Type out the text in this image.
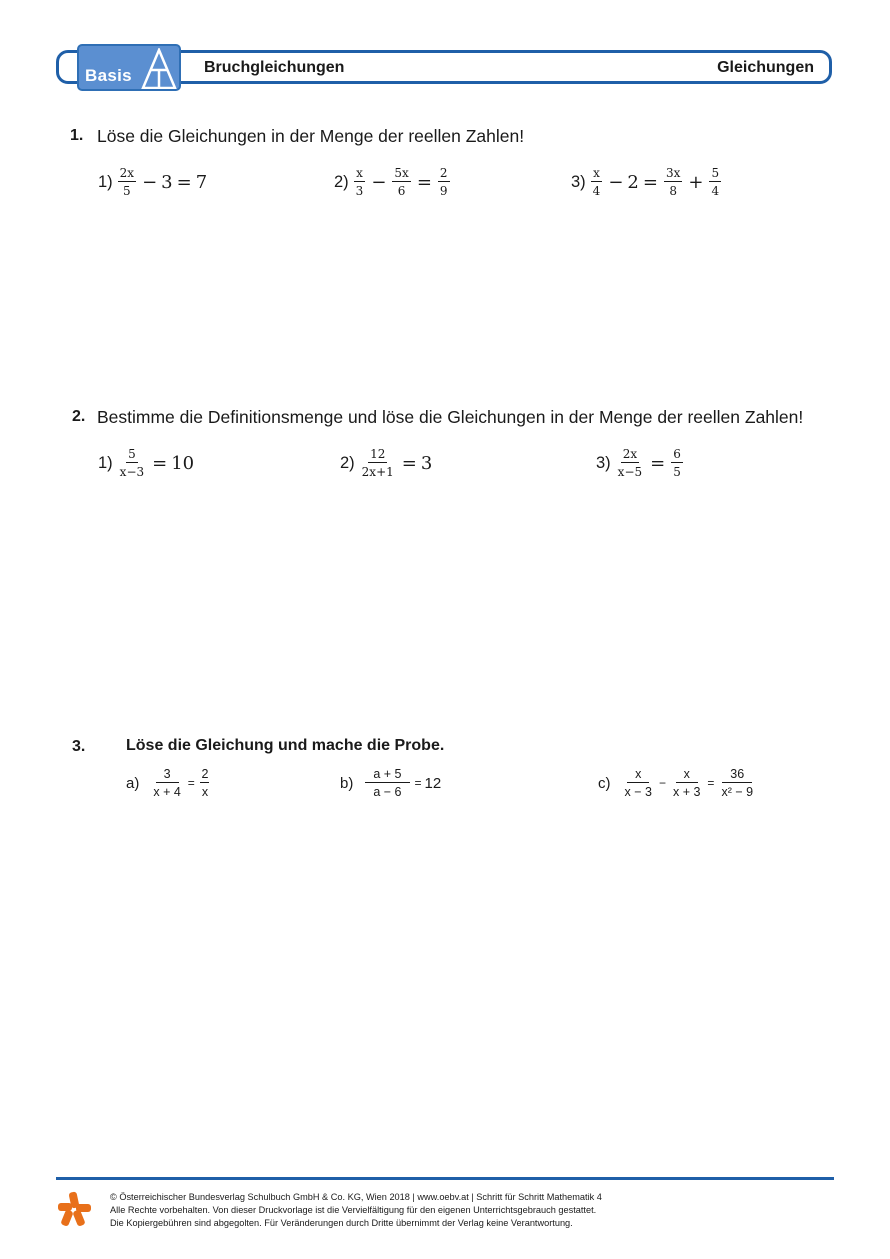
Basis	Bruchgleichungen	Gleichungen
1. Löse die Gleichungen in der Menge der reellen Zahlen!
$1) \frac{2x}{5} - 3 = 7$	$2) \frac{x}{3} - \frac{5x}{6} = \frac{2}{9}$	$3) \frac{x}{4} - 2 = \frac{3x}{8} + \frac{5}{4}$
2. Bestimme die Definitionsmenge und löse die Gleichungen in der Menge der reellen Zahlen!
$1) \frac{5}{x-3} = 10$	$2) \frac{12}{2x+1} = 3$	$3) \frac{2x}{x-5} = \frac{6}{5}$
3.	Löse die Gleichung und mache die Probe.
$a) \frac{3}{x + 4} = \frac{2}{x}$	$b) \frac{a + 5}{a - 6} = 12$	$c) \frac{x}{x - 3} - \frac{x}{x + 3} = \frac{36}{\text{x² − 9}}$
© Österreichischer Bundesverlag Schulbuch GmbH & Co. KG, Wien 2018 | www.oebv.at | Schritt für Schritt Mathematik 4
Alle Rechte vorbehalten. Von dieser Druckvorlage ist die Vervielfältigung für den eigenen Unterrichtsgebrauch gestattet.
Die Kopiergebühren sind abgegolten. Für Veränderungen durch Dritte übernimmt der Verlag keine Verantwortung.
